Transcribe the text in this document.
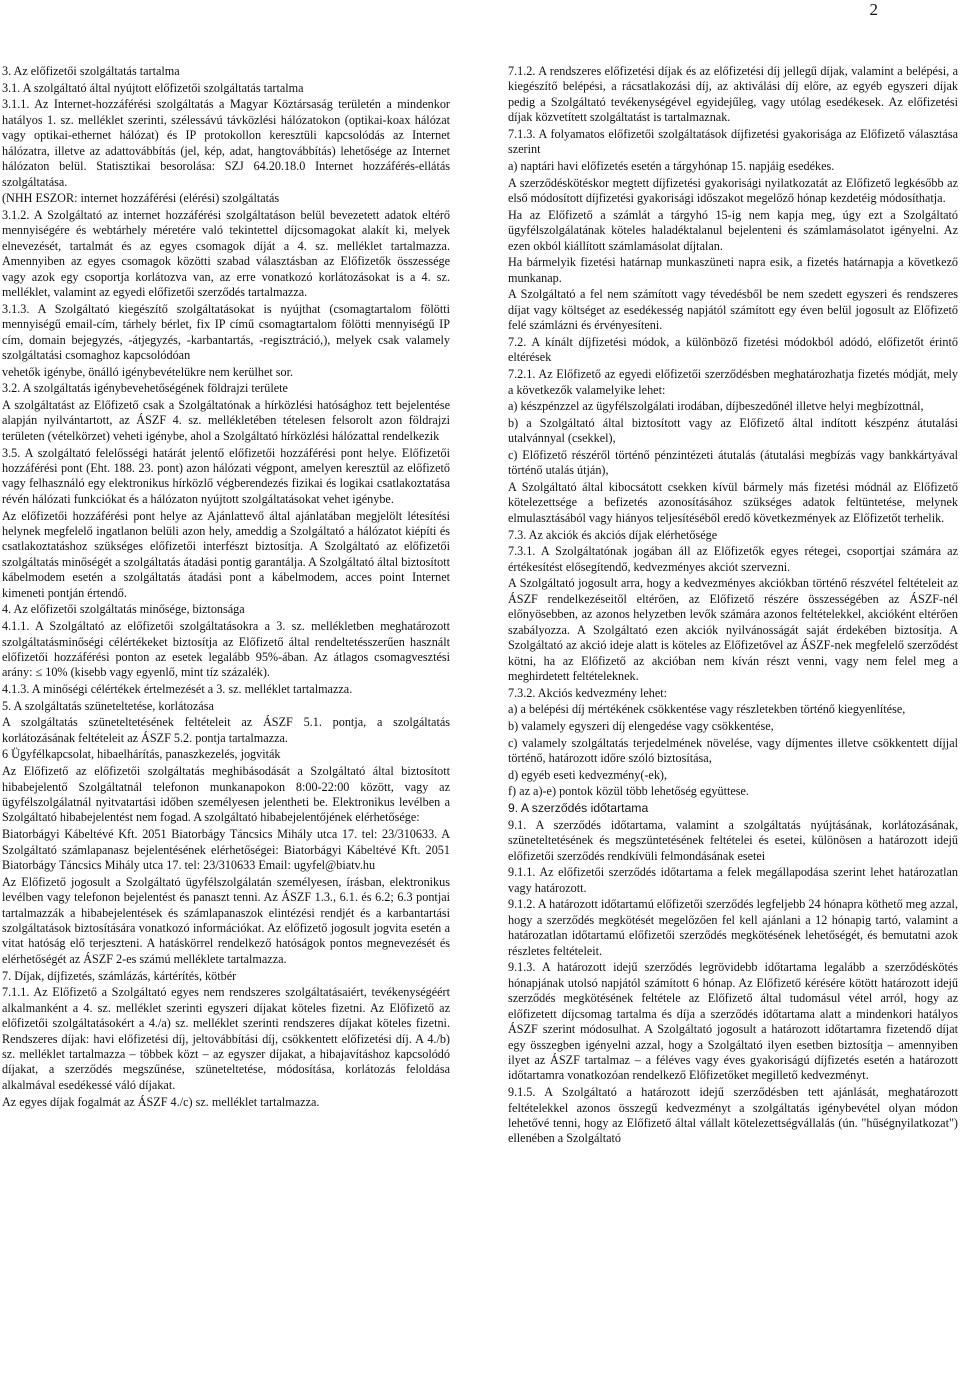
2

3. Az előfizetői szolgáltatás tartalma

3.1. A szolgáltató által nyújtott előfizetői szolgáltatás tartalma

3.1.1. Az Internet-hozzáférési szolgáltatás a Magyar Köztársaság területén a mindenkor hatályos 1. sz. melléklet szerinti, szélessávú távközlési hálózatokon (optikai-koax hálózat vagy optikai-ethernet hálózat) és IP protokollon keresztüli kapcsolódás az Internet hálózatra, illetve az adattovábbítás (jel, kép, adat, hangtovábbítás) lehetősége az Internet hálózaton belül. Statisztikai besorolása: SZJ 64.20.18.0 Internet hozzáférés-ellátás szolgáltatása.

(NHH ESZOR: internet hozzáférési (elérési) szolgáltatás

3.1.2. A Szolgáltató az internet hozzáférési szolgáltatáson belül bevezetett adatok eltérő mennyiségére és webtárhely méretére való tekintettel díjcsomagokat alakít ki, melyek elnevezését, tartalmát és az egyes csomagok díját a 4. sz. melléklet tartalmazza. Amennyiben az egyes csomagok közötti szabad választásban az Előfizetők összessége vagy azok egy csoportja korlátozva van, az erre vonatkozó korlátozásokat is a 4. sz. melléklet, valamint az egyedi előfizetői szerződés tartalmazza.

3.1.3. A Szolgáltató kiegészítő szolgáltatásokat is nyújthat (csomagtartalom fölötti mennyiségű email-cím, tárhely bérlet, fix IP című csomagtartalom fölötti mennyiségű IP cím, domain bejegyzés, -átjegyzés, -karbantartás, -regisztráció,), melyek csak valamely szolgáltatási csomaghoz kapcsolódóan

vehetők igénybe, önálló igénybevételükre nem kerülhet sor.

3.2. A szolgáltatás igénybevehetőségének földrajzi területe

A szolgáltatást az Előfizető csak a Szolgáltatónak a hírközlési hatósághoz tett bejelentése alapján nyilvántartott, az ÁSZF 4. sz. mellékletében tételesen felsorolt azon földrajzi területen (vételkörzet) veheti igénybe, ahol a Szolgáltató hírközlési hálózattal rendelkezik

3.5. A szolgáltató felelősségi határát jelentő előfizetői hozzáférési pont helye. Előfizetői hozzáférési pont (Eht. 188. 23. pont) azon hálózati végpont, amelyen keresztül az előfizető vagy felhasználó egy elektronikus hírközlő végberendezés fizikai és logikai csatlakoztatása révén hálózati funkciókat és a hálózaton nyújtott szolgáltatásokat vehet igénybe.

Az előfizetői hozzáférési pont helye az Ajánlattevő által ajánlatában megjelölt létesítési helynek megfelelő ingatlanon belüli azon hely, ameddig a Szolgáltató a hálózatot kiépíti és csatlakoztatáshoz szükséges előfizetői interfészt biztosítja. A Szolgáltató az előfizetői szolgáltatás minőségét a szolgáltatás átadási pontig garantálja. A Szolgáltató által biztosított kábelmodem esetén a szolgáltatás átadási pont a kábelmodem, acces point Internet kimeneti pontján értendő.

4. Az előfizetői szolgáltatás minősége, biztonsága

4.1.1. A Szolgáltató az előfizetői szolgáltatásokra a 3. sz. mellékletben meghatározott szolgáltatásminőségi célértékeket biztosítja az Előfizető által rendeltetésszerűen használt előfizetői hozzáférési ponton az esetek legalább 95%-ában. Az átlagos csomagvesztési arány: ≤ 10% (kisebb vagy egyenlő, mint tíz százalék).

4.1.3. A minőségi célértékek értelmezését a 3. sz. melléklet tartalmazza.

5. A szolgáltatás szüneteltetése, korlátozása

A szolgáltatás szüneteltetésének feltételeit az ÁSZF 5.1. pontja, a szolgáltatás korlátozásának feltételeit az ÁSZF 5.2. pontja tartalmazza.

6 Ügyfélkapcsolat, hibaelhárítás, panaszkezelés, jogviták

Az Előfizető az előfizetői szolgáltatás meghibásodását a Szolgáltató által biztosított hibabejelentő Szolgáltatnál telefonon munkanapokon 8:00-22:00 között, vagy az ügyfélszolgálatnál nyitvatartási időben személyesen jelentheti be. Elektronikus levélben a Szolgáltató hibabejelentést nem fogad. A szolgáltató hibabejelentőjének elérhetősége:

Biatorbágyi Kábeltévé Kft. 2051 Biatorbágy Táncsics Mihály utca 17. tel: 23/310633. A Szolgáltató számlapanasz bejelentésének elérhetőségei: Biatorbágyi Kábeltévé Kft. 2051 Biatorbágy Táncsics Mihály utca 17. tel: 23/310633 Email: ugyfel@biatv.hu

Az Előfizető jogosult a Szolgáltató ügyfélszolgálatán személyesen, írásban, elektronikus levélben vagy telefonon bejelentést és panaszt tenni. Az ÁSZF 1.3., 6.1. és 6.2; 6.3 pontjai tartalmazzák a hibabejelentések és számlapanaszok elintézési rendjét és a karbantartási szolgáltatások biztosítására vonatkozó információkat. Az előfizető jogosult jogvita esetén a vitat hatóság elő terjeszteni. A hatáskörrel rendelkező hatóságok pontos megnevezését és elérhetőségét az ÁSZF 2-es számú melléklete tartalmazza.

7. Díjak, díjfizetés, számlázás, kártérítés, kötbér

7.1.1. Az Előfizető a Szolgáltató egyes nem rendszeres szolgáltatásaiért, tevékenységéért alkalmanként a 4. sz. melléklet szerinti egyszeri díjakat köteles fizetni. Az Előfizető az előfizetői szolgáltatásokért a 4./a) sz. melléklet szerinti rendszeres díjakat köteles fizetni. Rendszeres díjak: havi előfizetési díj, jeltovábbítási díj, csökkentett előfizetési díj. A 4./b) sz. melléklet tartalmazza – többek közt – az egyszer díjakat, a hibajavításhoz kapcsolódó díjakat, a szerződés megszűnése, szüneteltetése, módosítása, korlátozás feloldása alkalmával esedékessé váló díjakat.

Az egyes díjak fogalmát az ÁSZF 4./c) sz. melléklet tartalmazza.

7.1.2. A rendszeres előfizetési díjak és az előfizetési díj jellegű díjak, valamint a belépési, a kiegészítő belépési, a rácsatlakozási díj, az aktiválási díj előre, az egyéb egyszeri díjak pedig a Szolgáltató tevékenységével egyidejűleg, vagy utólag esedékesek. Az előfizetési díjak közvetített szolgáltatást is tartalmaznak.

7.1.3. A folyamatos előfizetői szolgáltatások díjfizetési gyakorisága az Előfizető választása szerint

a) naptári havi előfizetés esetén a tárgyhónap 15. napjáig esedékes.

A szerződéskötéskor megtett díjfizetési gyakorisági nyilatkozatát az Előfizető legkésőbb az első módosított díjfizetési gyakorisági időszakot megelőző hónap kezdetéig módosíthatja.

Ha az Előfizető a számlát a tárgyhó 15-ig nem kapja meg, úgy ezt a Szolgáltató ügyfélszolgálatának köteles haladéktalanul bejelenteni és számlamásolatot igényelni. Az ezen okból kiállított számlamásolat díjtalan.

Ha bármelyik fizetési határnap munkaszüneti napra esik, a fizetés határnapja a következő munkanap.

A Szolgáltató a fel nem számított vagy tévedésből be nem szedett egyszeri és rendszeres díjat vagy költséget az esedékesség napjától számított egy éven belül jogosult az Előfizető felé számlázni és érvényesíteni.

7.2. A kínált díjfizetési módok, a különböző fizetési módokból adódó, előfizetőt érintő eltérések

7.2.1. Az Előfizető az egyedi előfizetői szerződésben meghatározhatja fizetés módját, mely a következők valamelyike lehet:

a) készpénzzel az ügyfélszolgálati irodában, díjbeszedőnél illetve helyi megbízottnál,

b) a Szolgáltató által biztosított vagy az Előfizető által indított készpénz átutalási utalvánnyal (csekkel),

c) Előfizető részéről történő pénzintézeti átutalás (átutalási megbízás vagy bankkártyával történő utalás útján),

A Szolgáltató által kibocsátott csekken kívül bármely más fizetési módnál az Előfizető kötelezettsége a befizetés azonosításához szükséges adatok feltüntetése, melynek elmulasztásából vagy hiányos teljesítéséből eredő következmények az Előfizetőt terhelik.

7.3. Az akciók és akciós díjak elérhetősége

7.3.1. A Szolgáltatónak jogában áll az Előfizetők egyes rétegei, csoportjai számára az értékesítést elősegítendő, kedvezményes akciót szervezni.

A Szolgáltató jogosult arra, hogy a kedvezményes akciókban történő részvétel feltételeit az ÁSZF rendelkezéseitől eltérően, az Előfizető részére összességében az ÁSZF-nél előnyösebben, az azonos helyzetben levők számára azonos feltételekkel, akcióként eltérően szabályozza. A Szolgáltató ezen akciók nyilvánosságát saját érdekében biztosítja. A Szolgáltató az akció ideje alatt is köteles az Előfizetővel az ÁSZF-nek megfelelő szerződést kötni, ha az Előfizető az akcióban nem kíván részt venni, vagy nem felel meg a meghirdetett feltételeknek.

7.3.2. Akciós kedvezmény lehet:

a) a belépési díj mértékének csökkentése vagy részletekben történő kiegyenlítése,

b) valamely egyszeri díj elengedése vagy csökkentése,

c) valamely szolgáltatás terjedelmének növelése, vagy díjmentes illetve csökkentett díjjal történő, határozott időre szóló biztosítása,

d) egyéb eseti kedvezmény(-ek),

f) az a)-e) pontok közül több lehetőség együttese.

9. A szerződés időtartama

9.1. A szerződés időtartama, valamint a szolgáltatás nyújtásának, korlátozásának, szüneteltetésének és megszüntetésének feltételei és esetei, különösen a határozott idejű előfizetői szerződés rendkívüli felmondásának esetei

9.1.1. Az előfizetői szerződés időtartama a felek megállapodása szerint lehet határozatlan vagy határozott.

9.1.2. A határozott időtartamú előfizetői szerződés legfeljebb 24 hónapra köthető meg azzal, hogy a szerződés megkötését megelőzően fel kell ajánlani a 12 hónapig tartó, valamint a határozatlan időtartamú előfizetői szerződés megkötésének lehetőségét, és bemutatni azok részletes feltételeit.

9.1.3. A határozott idejű szerződés legrövidebb időtartama legalább a szerződéskötés hónapjának utolsó napjától számított 6 hónap. Az Előfizető kérésére kötött határozott idejű szerződés megkötésének feltétele az Előfizető által tudomásul vétel arról, hogy az előfizetett díjcsomag tartalma és díja a szerződés időtartama alatt a mindenkori hatályos ÁSZF szerint módosulhat. A Szolgáltató jogosult a határozott időtartamra fizetendő díjat egy összegben igényelni azzal, hogy a Szolgáltató ilyen esetben biztosítja – amennyiben ilyet az ÁSZF tartalmaz – a féléves vagy éves gyakoriságú díjfizetés esetén a határozott időtartamra vonatkozóan rendelkező Előfizetőket megillető kedvezményt.

9.1.5. A Szolgáltató a határozott idejű szerződésben tett ajánlását, meghatározott feltételekkel azonos összegű kedvezményt a szolgáltatás igénybevétel olyan módon lehetővé tenni, hogy az Előfizető által vállalt kötelezettségvállalás (ún. "hűségnyilatkozat") ellenében a Szolgáltató
